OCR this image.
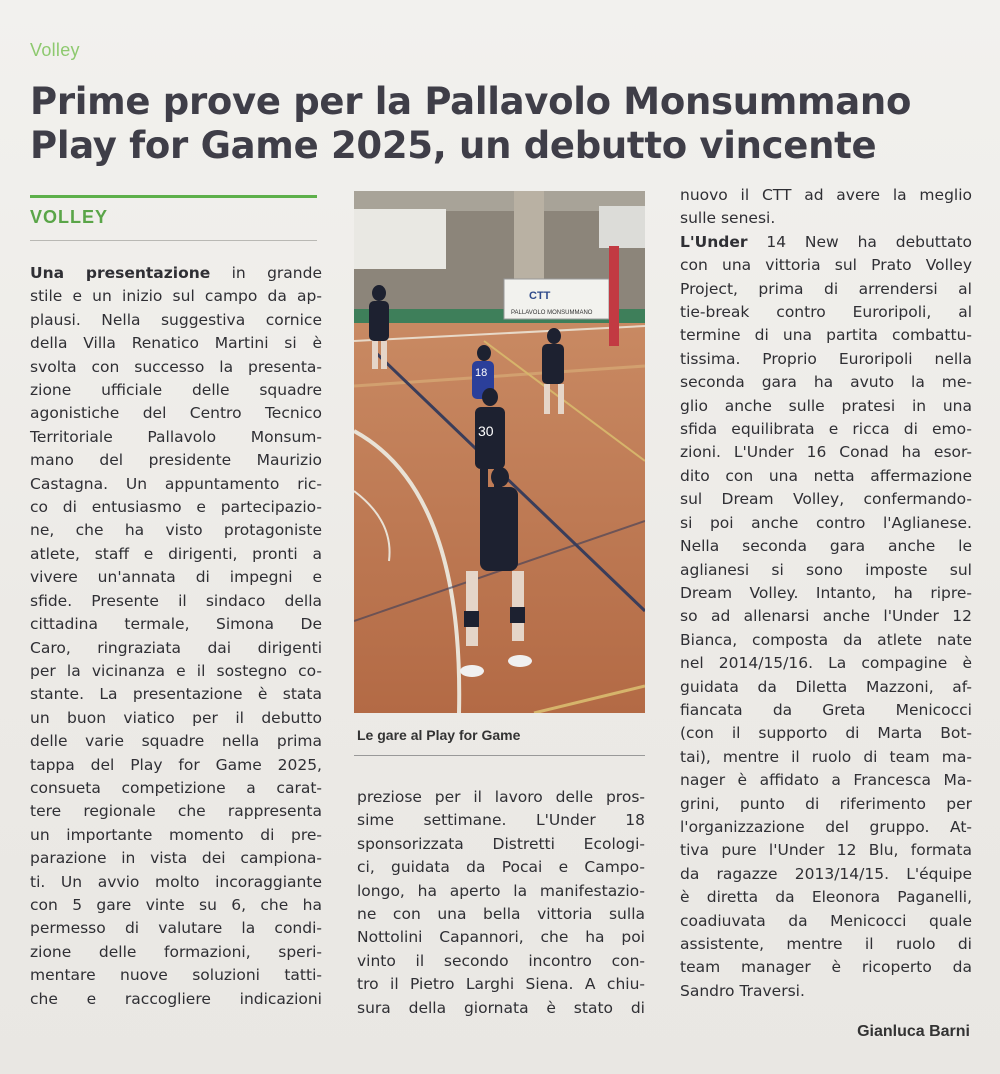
Volley
Prime prove per la Pallavolo Monsummano
Play for Game 2025, un debutto vincente
VOLLEY

Una presentazione in grande

stile e un inizio sul campo da ap-

plausi. Nella suggestiva cornice

della Villa Renatico Martini si è

svolta con successo la presenta-

zione ufficiale delle squadre

agonistiche del Centro Tecnico

Territoriale Pallavolo Monsum-

mano del presidente Maurizio

Castagna. Un appuntamento ric-

co di entusiasmo e partecipazio-

ne, che ha visto protagoniste

atlete, staff e dirigenti, pronti a

vivere un'annata di impegni e

sfide. Presente il sindaco della

cittadina termale, Simona De

Caro, ringraziata dai dirigenti

per la vicinanza e il sostegno co-

stante. La presentazione è stata

un buon viatico per il debutto

delle varie squadre nella prima

tappa del Play for Game 2025,

consueta competizione a carat-

tere regionale che rappresenta

un importante momento di pre-

parazione in vista dei campiona-

ti. Un avvio molto incoraggiante

con 5 gare vinte su 6, che ha

permesso di valutare la condi-

zione delle formazioni, speri-

mentare nuove soluzioni tatti-

che e raccogliere indicazioni

CTT
PALLAVOLO MONSUMMANO
18
30
Le gare al Play for Game

preziose per il lavoro delle pros-

sime settimane. L'Under 18

sponsorizzata Distretti Ecologi-

ci, guidata da Pocai e Campo-

longo, ha aperto la manifestazio-

ne con una bella vittoria sulla

Nottolini Capannori, che ha poi

vinto il secondo incontro con-

tro il Pietro Larghi Siena. A chiu-

sura della giornata è stato di

nuovo il CTT ad avere la meglio

sulle senesi.

L'Under 14 New ha debuttato

con una vittoria sul Prato Volley

Project, prima di arrendersi al

tie-break contro Euroripoli, al

termine di una partita combattu-

tissima. Proprio Euroripoli nella

seconda gara ha avuto la me-

glio anche sulle pratesi in una

sfida equilibrata e ricca di emo-

zioni. L'Under 16 Conad ha esor-

dito con una netta affermazione

sul Dream Volley, confermando-

si poi anche contro l'Aglianese.

Nella seconda gara anche le

aglianesi si sono imposte sul

Dream Volley. Intanto, ha ripre-

so ad allenarsi anche l'Under 12

Bianca, composta da atlete nate

nel 2014/15/16. La compagine è

guidata da Diletta Mazzoni, af-

fiancata da Greta Menicocci

(con il supporto di Marta Bot-

tai), mentre il ruolo di team ma-

nager è affidato a Francesca Ma-

grini, punto di riferimento per

l'organizzazione del gruppo. At-

tiva pure l'Under 12 Blu, formata

da ragazze 2013/14/15. L'équipe

è diretta da Eleonora Paganelli,

coadiuvata da Menicocci quale

assistente, mentre il ruolo di

team manager è ricoperto da

Sandro Traversi.

Gianluca Barni
